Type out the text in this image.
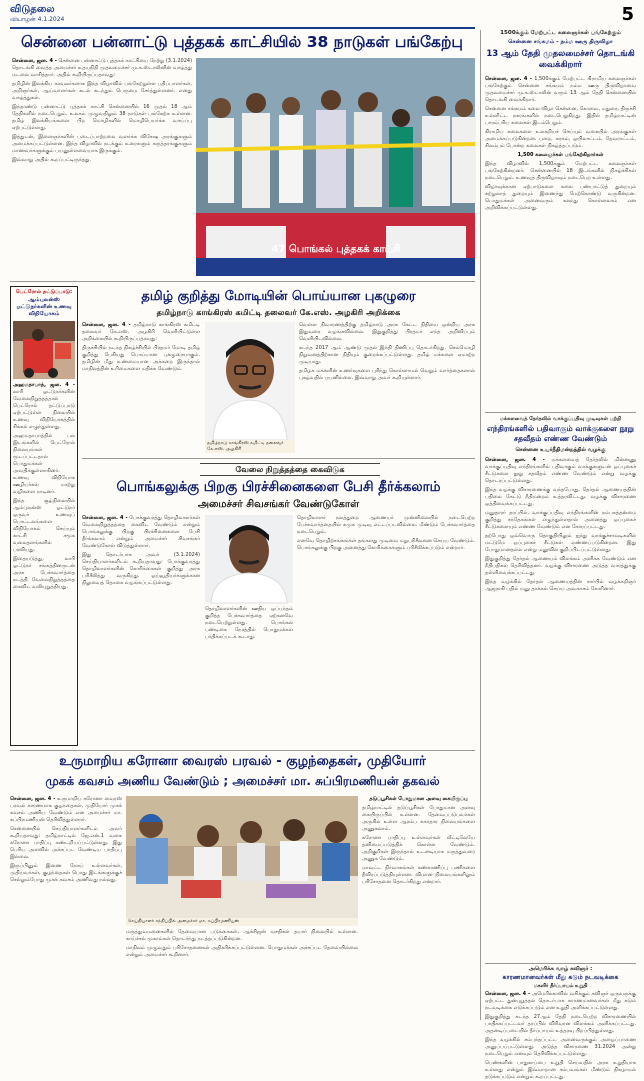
விடுதலை
வியாழன் 4.1.2024	5
சென்னை பன்னாட்டு புத்தகக் காட்சியில் 38 நாடுகள் பங்கேற்பு

சென்னை, ஜன. 4 - சென்னை பன்னாட்டு புத்தகக் காட்சியை நேற்று (3.1.2024) தொடங்கி வைத்த அமைச்சர் உதயநிதி முதலமைச்சர் மு.க.ஸ்டாலினின் வாழ்த்து மடலை வாசித்தார். அதில் கூறியிருப்பதாவது:

தமிழின் இலக்கிய காவலர்களாக இந்த விழாவில் பங்கேற்றுள்ள பதிப்பாளர்கள், அறிஞர்கள், ஆய்வாளர்கள் கடல் கடந்தும் பெருமை சேர்த்துள்ளனர். எனது வாழ்த்துகள்.

இந்தாண்டு பன்னாட்டு புத்தகக் காட்சி சென்னையில் 16 முதல் 18 ஆம் தேதிகளில் நடைபெறும். உலகம் முழுவதிலும் 38 நாடுகள் பங்கேற்க உள்ளன. தமிழ் இலக்கியங்களை பிற மொழிகளில் மொழிபெயர்க்க வாய்ப்பு ஏற்பட்டுள்ளது.

இத்துடன், இளைஞர்களின் படைப்பாற்றலை வளர்க்க விசேஷ அரங்குகளும் அமைக்கப்பட்டுள்ளன. இந்த விழாவில் நடக்கும் உரைகளும் கருத்தரங்குகளும் மாணவர்களுக்கும் பயனுள்ளவையாக இருக்கும்.

இவ்வாறு அதில் கூறப்பட்டிருந்தது.

47 பொங்கல் புத்தகக் காட்சி
1500க்கும் மேற்பட்ட கலைஞர்கள் பங்கேற்கும்
சென்னை சங்கமம் - நம்ம ஊரு திருவிழா
13 ஆம் தேதி முதலமைச்சர் தொடங்கி வைக்கிறார்

சென்னை, ஜன. 4 - 1,500க்கும் மேற்பட்ட கிராமிய கலைஞர்கள் பங்கேற்கும் சென்னை சங்கமம் நம்ம ஊரு திருவிழாவை முதலமைச்சர் மு.க.ஸ்டாலின் வரும் 13 ஆம் தேதி சென்னையில் தொடங்கி வைக்கிறார்.

சென்னை சங்கமம் கலை விழா சென்னை, கோவை, மதுரை, திருச்சி உள்ளிட்ட நகரங்களில் நடைபெறுகிறது. இதில் தமிழ்நாட்டின் பாரம்பரிய கலைகள் இடம்பெறும்.

கிராமிய கலைகளை உலகறியச் செய்யும் வகையில் அரங்குகள் அமைக்கப்படுகின்றன. பறை, கரகம், ஒயிலாட்டம், தேவராட்டம், சிலம்பம் போன்ற கலைகள் நிகழ்த்தப்படும்.

1,500 கலைஞர்கள் பங்கேற்கிறார்கள்

இந்த விழாவில் 1,500க்கும் மேற்பட்ட கலைஞர்கள் பங்கேற்கின்றனர். சென்னையில் 18 இடங்களில் நிகழ்ச்சிகள் நடைபெறும். உணவுத் திருவிழாவும் நடைபெற உள்ளது.

விழாவுக்கான ஏற்பாடுகளை கலை பண்பாட்டுத் துறையும் சுற்றுலாத் துறையும் இணைந்து மேற்கொண்டு வருகின்றன. பொதுமக்கள் அனைவரும் கலந்து கொள்ளலாம் என அறிவிக்கப்பட்டுள்ளது.

பெட்ரோல் தட்டுப்பாடு:
ஆம்புலன்ஸ் ஓட்டுநர்களின் உணவு விநியோகம்

அஹமதாபாத், ஜன. 4 - லாரி ஓட்டுநர்களின் வேலைநிறுத்தத்தால் பெட்ரோல் தட்டுப்பாடு ஏற்பட்டுள்ள நிலையில் உணவு விநியோகத்தில் சிக்கல் எழுந்துள்ளது.

அஹமதாபாத்தில் பல இடங்களில் பெட்ரோல் நிலையங்கள் மூடப்பட்டதால் பொதுமக்கள் அவதிக்குள்ளாகினர். உணவு விநியோக ஊழியர்கள் மாற்று வழிகளை நாடினர்.

இந்த சூழ்நிலையில் ஆம்புலன்ஸ் ஓட்டுநர் ஒருவர் உணவுப் பொட்டலங்களை விநியோகம் செய்யும் காட்சி சமூக வலைதளங்களில் பரவியது.

இதையடுத்து, லாரி ஓட்டுநர் சங்கத்தினருடன் அரசு பேச்சுவார்த்தை நடத்தி வேலைநிறுத்தத்தை கைவிட வலியுறுத்தியது.

தமிழ் குறித்து மோடியின் பொய்யான புகழுரை
தமிழ்நாடு காங்கிரஸ் கமிட்டி தலைவர் கே.எஸ். அழகிரி அறிக்கை

சென்னை, ஜன. 4 - தமிழ்நாடு காங்கிரஸ் கமிட்டி தலைவர் கே.எஸ். அழகிரி வெளியிட்டுள்ள அறிக்கையில் கூறியிருப்பதாவது:

திருச்சியில் நடந்த நிகழ்ச்சியில் பிரதமர் மோடி தமிழ் குறித்து பேசியது பொய்யான புகழுரையாகும். தமிழின் மீது உண்மையான அக்கறை இருந்தால் மாநிலத்தின் உரிமைகளை மதிக்க வேண்டும்.

தமிழ்நாடு காங்கிரஸ் கமிட்டி தலைவர் கே.எஸ். அழகிரி

வெள்ள நிவாரணத்திற்கு தமிழ்நாடு அரசு கேட்ட நிதியை ஒன்றிய அரசு இதுவரை வழங்கவில்லை. இதுகுறித்து பிரதமர் எந்த அறிவிப்பும் வெளியிடவில்லை.

கடந்த 2017 ஆம் ஆண்டு முதல் இந்தி திணிப்பு தொடர்கிறது. செம்மொழி நிறுவனத்திற்கான நிதியும் குறைக்கப்பட்டுள்ளது. தமிழ் மக்களை ஏமாற்ற முடியாது.

தமிழக மக்களின் உணர்வுகளை புரிந்து கொள்ளாமல் வெறும் வார்த்தைகளால் புகழ்வதில் பயனில்லை. இவ்வாறு அவர் கூறியுள்ளார்.

வேலை நிறுத்தத்தை கைவிடுக
பொங்கலுக்கு பிறகு பிரச்சினைகளை பேசி தீர்க்கலாம்
அமைச்சர் சிவசங்கர் வேண்டுகோள்

சென்னை, ஜன. 4 - போக்குவரத்து தொழிலாளர்கள் வேலைநிறுத்தத்தை கைவிட வேண்டும் என்றும் பொங்கலுக்கு பிறகு பிரச்சினைகளை பேசி தீர்க்கலாம் என்றும் அமைச்சர் சிவசங்கர் வேண்டுகோள் விடுத்துள்ளார்.

இது தொடர்பாக அவர் (3.1.2024) செய்தியாளர்களிடம் கூறியதாவது: போக்குவரத்து தொழிலாளர்களின் கோரிக்கைகள் குறித்து அரசு பரிசீலித்து வருகிறது. ஓய்வூதியர்களுக்கான நிலுவைத் தொகை வழங்கப்பட்டுள்ளது.

தொழிலாளர்களின் ஊதிய ஒப்பந்தம் குறித்த பேச்சுவார்த்தை ஏற்கனவே நடைபெற்றுள்ளது. பொங்கல் பண்டிகை நேரத்தில் பொதுமக்கள் பாதிக்கப்படக் கூடாது.

தொழிலாளர் நலத்துறை ஆணையர் முன்னிலையில் நடைபெற்ற பேச்சுவார்த்தையில் சுமுக முடிவு எட்டப்படவில்லை. மீண்டும் பேச்சுவார்த்தை நடைபெறும்.

எனவே தொழிற்சங்கங்கள் தங்களது முடிவை மறுபரிசீலனை செய்ய வேண்டும். பொங்கலுக்கு பிறகு அனைத்து கோரிக்கைகளும் பரிசீலிக்கப்படும் என்றார்.

மக்களவைத் தேர்தலில் வாக்குப்பதிவு முடிவுகள் பற்றி
எந்திரங்களில் பதிவாகும் வாக்குகளை நூறு சதவீதம் எண்ண வேண்டும்
சென்னை உயர்நீதிமன்றத்தில் வழக்கு

சென்னை, ஜன. 4 - மக்களவைத் தேர்தலில் மின்னணு வாக்குப்பதிவு எந்திரங்களில் பதிவாகும் வாக்குகளுடன் ஒப்புகைச் சீட்டுகளை நூறு சதவீதம் எண்ண வேண்டும் என்று வழக்கு தொடரப்பட்டுள்ளது.

இந்த வழக்கு விசாரணைக்கு வந்தபோது, தேர்தல் ஆணையத்தின் பதிலை கேட்டு நீதிமன்றம் உத்தரவிட்டது. வழக்கு விசாரணை ஒத்திவைக்கப்பட்டது.

மனுதாரர் தரப்பில், வாக்குப்பதிவு எந்திரங்களின் நம்பகத்தன்மை குறித்து சந்தேகங்கள் எழுந்துள்ளதால் அனைத்து ஒப்புகைச் சீட்டுகளையும் எண்ண வேண்டும் என கோரப்பட்டது.

தற்போது ஒவ்வொரு தொகுதியிலும் ஐந்து வாக்குச்சாவடிகளில் மட்டுமே ஒப்புகைச் சீட்டுகள் எண்ணப்படுகின்றன. இது போதுமானதல்ல என்று மனுவில் குறிப்பிடப்பட்டுள்ளது.

இதுகுறித்து தேர்தல் ஆணையம் விளக்கம் அளிக்க வேண்டும் என நீதிபதிகள் தெரிவித்தனர். வழக்கு விசாரணை அடுத்த வாரத்துக்கு தள்ளிவைக்கப்பட்டது.

இந்த வழக்கில் தேர்தல் ஆணையத்தின் சார்பில் வழக்கறிஞர் ஆஜராகி பதில் மனு தாக்கல் செய்ய அவகாசம் கோரினார்.

அமெரிக்க வாழ் கவிஞர் :
காரணமானவர்கள் மீது கடும் நடவடிக்கை
மகளிர் தீர்ப்பாயம் உறுதி

சென்னை, ஜன. 4 - அமெரிக்காவில் வசிக்கும் கவிஞர் ஒருவருக்கு ஏற்பட்ட துன்புறுத்தல் தொடர்பாக காரணமானவர்கள் மீது கடும் நடவடிக்கை எடுக்கப்படும் என உறுதி அளிக்கப்பட்டுள்ளது.

இதுகுறித்து கடந்த 27ஆம் தேதி நடைபெற்ற விசாரணையில் பாதிக்கப்பட்டவர் தரப்பில் விரிவான விளக்கம் அளிக்கப்பட்டது. அதனடிப்படையில் தீர்ப்பாயம் உத்தரவு பிறப்பித்துள்ளது.

இந்த வழக்கில் சம்பந்தப்பட்ட அனைவருக்கும் அழைப்பாணை அனுப்பப்பட்டுள்ளது. அடுத்த விசாரணை 31.2024 அன்று நடைபெறும் எனவும் தெரிவிக்கப்பட்டுள்ளது.

பெண்களின் பாதுகாப்பை உறுதி செய்வதில் அரசு உறுதியாக உள்ளது என்றும் இவ்வாறான சம்பவங்கள் மீண்டும் நிகழாமல் தடுக்கப்படும் என்றும் கூறப்பட்டது.

உருமாறிய கரோனா வைரஸ் பரவல் - குழந்தைகள், முதியோர்
முகக் கவசம் அணிய வேண்டும் ; அமைச்சர் மா. சுப்பிரமணியன் தகவல்

சென்னை, ஜன. 4 - உருமாறிய கரோனா வைரஸ் பரவல் காரணமாக குழந்தைகள், முதியோர் முகக் கவசம் அணிய வேண்டும் என அமைச்சர் மா. சுப்பிரமணியன் தெரிவித்துள்ளார்.

சென்னையில் செய்தியாளர்களிடம் அவர் கூறியதாவது: தமிழ்நாட்டில் ஜே.என்.1 வகை கரோனா பாதிப்பு கண்டறியப்பட்டுள்ளது. இது பெரிய அளவில் அச்சப்பட வேண்டிய பாதிப்பு இல்லை.

இருப்பினும் இணை நோய் உள்ளவர்கள், முதியவர்கள், குழந்தைகள் பொது இடங்களுக்குச் செல்லும்போது முகக் கவசம் அணிவது நல்லது.

செய்தியாளர் சந்திப்பில் அமைச்சர் மா. சுப்பிரமணியன்

மருத்துவமனைகளில் தேவையான படுக்கைகள், ஆக்சிஜன் வசதிகள் தயார் நிலையில் உள்ளன. காய்ச்சல் முகாம்கள் தொடர்ந்து நடத்தப்படுகின்றன.

மாநிலம் முழுவதும் பரிசோதனைகள் அதிகரிக்கப்பட்டுள்ளன. பொதுமக்கள் அச்சப்பட தேவையில்லை என்றும் அமைச்சர் கூறினார்.

தடுப்பூசிகள் போதுமான அளவு கையிருப்பு

தமிழ்நாட்டில் தடுப்பூசிகள் போதுமான அளவு கையிருப்பில் உள்ளன. தேவைப்படுபவர்கள் அருகில் உள்ள ஆரம்ப சுகாதார நிலையங்களை அணுகலாம்.

கரோனா பாதிப்பு உள்ளவர்கள் வீட்டிலேயே தனிமைப்படுத்திக் கொள்ள வேண்டும். அறிகுறிகள் இருந்தால் உடனடியாக மருத்துவரை அணுக வேண்டும்.

மாவட்ட நிர்வாகங்கள் கண்காணிப்பு பணிகளை தீவிரப்படுத்தியுள்ளன. விமான நிலையங்களிலும் பரிசோதனை தொடர்கிறது என்றார்.
